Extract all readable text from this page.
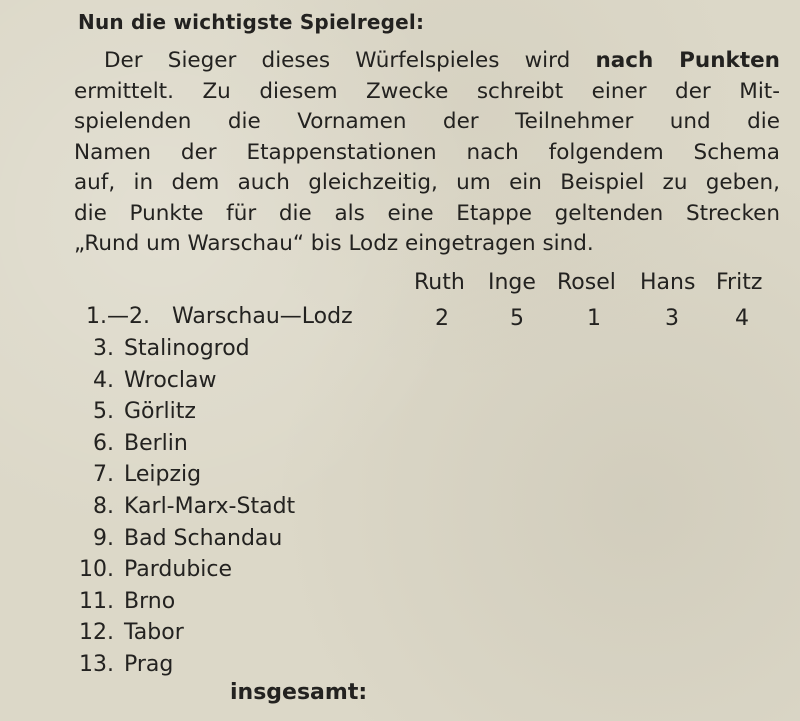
Nun die wichtigste Spielregel:
Der Sieger dieses Würfelspieles wird nach Punkten
ermittelt. Zu diesem Zwecke schreibt einer der Mit-
spielenden die Vornamen der Teilnehmer und die
Namen der Etappenstationen nach folgendem Schema
auf, in dem auch gleichzeitig, um ein Beispiel zu geben,
die Punkte für die als eine Etappe geltenden Strecken
„Rund um Warschau“ bis Lodz eingetragen sind.
Ruth Inge Rosel Hans Fritz
1.—2. Warschau—Lodz	2	5	1	3	4
3. Stalinogrod
4. Wroclaw
5. Görlitz
6. Berlin
7. Leipzig
8. Karl-Marx-Stadt
9. Bad Schandau
10. Pardubice
11. Brno
12. Tabor
13. Prag
insgesamt:
